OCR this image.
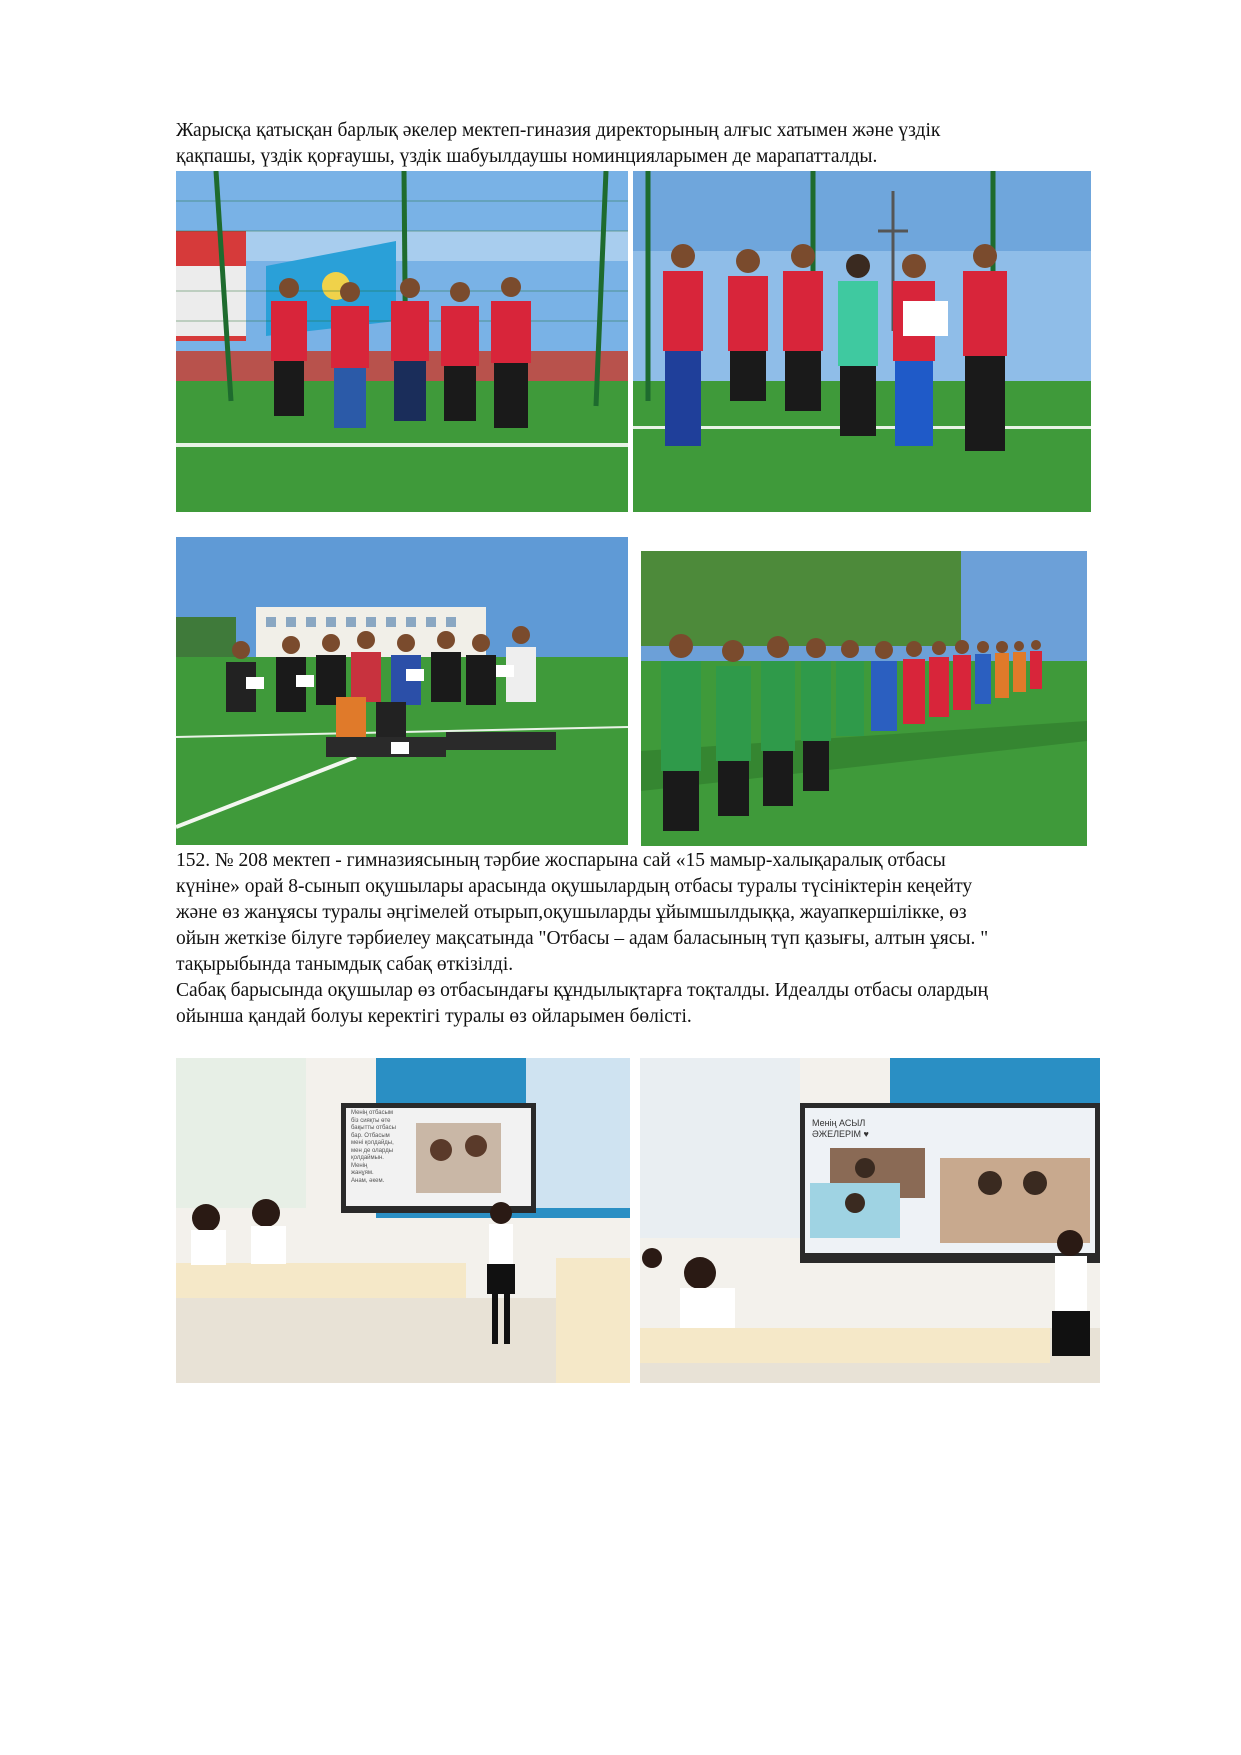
Жарысқа қатысқан барлық әкелер мектеп-гиназия директорының алғыс хатымен және үздік
қақпашы, үздік қорғаушы, үздік шабуылдаушы номинцияларымен де марапатталды.
152. № 208 мектеп - гимназиясының тәрбие жоспарына сай «15 мамыр-халықаралық отбасы
күніне» орай 8-сынып оқушылары арасында оқушылардың отбасы туралы түсініктерін кеңейту
және өз жанұясы туралы әңгімелей отырып,оқушыларды ұйымшылдыққа, жауапкершілікке, өз
ойын жеткізе білуге тәрбиелеу мақсатында "Отбасы – адам баласының түп қазығы, алтын ұясы. "
тақырыбында танымдық сабақ өткізілді.
Сабақ барысында оқушылар өз отбасындағы құндылықтарға тоқталды. Идеалды отбасы олардың
ойынша қандай болуы керектігі туралы өз ойларымен бөлісті.
Менің отбасым
біз сияқты өте
бақытты отбасы
бар. Отбасым
мені қолдайды,
мен де оларды
қолдаймын.
Менің
жанұям.
Анам, әкем.
Менің АСЫЛ
ӘЖЕЛЕРІМ ♥
